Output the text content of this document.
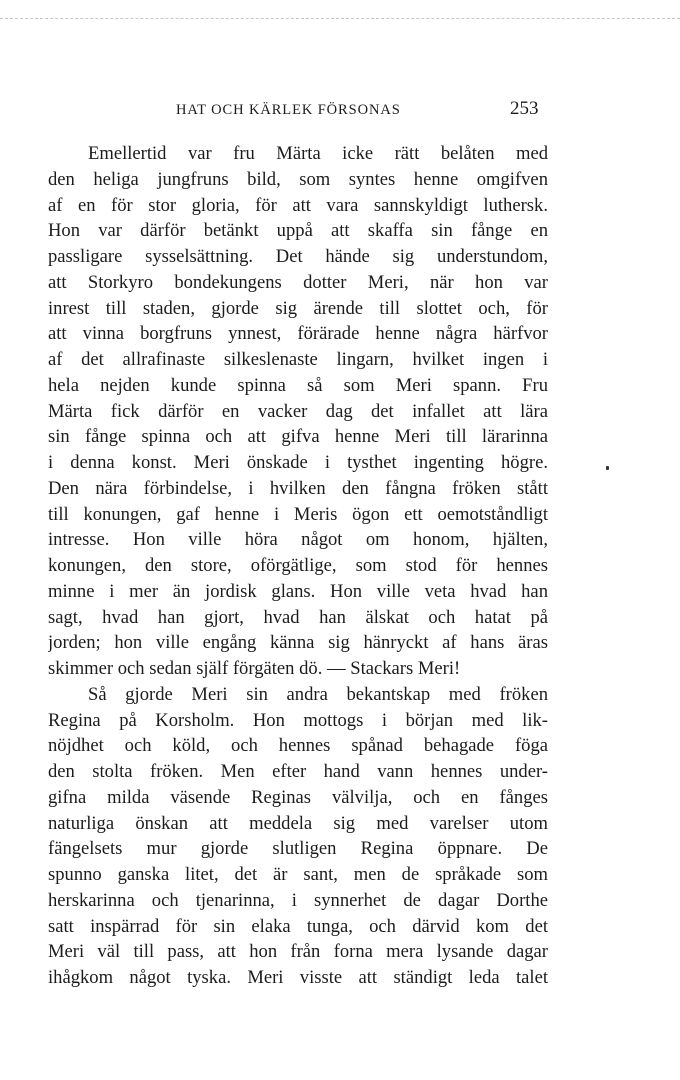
HAT OCH KÄRLEK FÖRSONAS	253
Emellertid var fru Märta icke rätt belåten med
den heliga jungfruns bild, som syntes henne omgifven
af en för stor gloria, för att vara sannskyldigt luthersk.
Hon var därför betänkt uppå att skaffa sin fånge en
passligare sysselsättning. Det hände sig understundom,
att Storkyro bondekungens dotter Meri, när hon var
inrest till staden, gjorde sig ärende till slottet och, för
att vinna borgfruns ynnest, förärade henne några härfvor
af det allrafinaste silkeslenaste lingarn, hvilket ingen i
hela nejden kunde spinna så som Meri spann. Fru
Märta fick därför en vacker dag det infallet att lära
sin fånge spinna och att gifva henne Meri till lärarinna
i denna konst. Meri önskade i tysthet ingenting högre.
Den nära förbindelse, i hvilken den fångna fröken stått
till konungen, gaf henne i Meris ögon ett oemotståndligt
intresse. Hon ville höra något om honom, hjälten,
konungen, den store, oförgätlige, som stod för hennes
minne i mer än jordisk glans. Hon ville veta hvad han
sagt, hvad han gjort, hvad han älskat och hatat på
jorden; hon ville engång känna sig hänryckt af hans äras
skimmer och sedan själf förgäten dö. — Stackars Meri!
Så gjorde Meri sin andra bekantskap med fröken
Regina på Korsholm. Hon mottogs i början med lik-
nöjdhet och köld, och hennes spånad behagade föga
den stolta fröken. Men efter hand vann hennes under-
gifna milda väsende Reginas välvilja, och en fånges
naturliga önskan att meddela sig med varelser utom
fängelsets mur gjorde slutligen Regina öppnare. De
spunno ganska litet, det är sant, men de språkade som
herskarinna och tjenarinna, i synnerhet de dagar Dorthe
satt inspärrad för sin elaka tunga, och därvid kom det
Meri väl till pass, att hon från forna mera lysande dagar
ihågkom något tyska. Meri visste att ständigt leda talet
